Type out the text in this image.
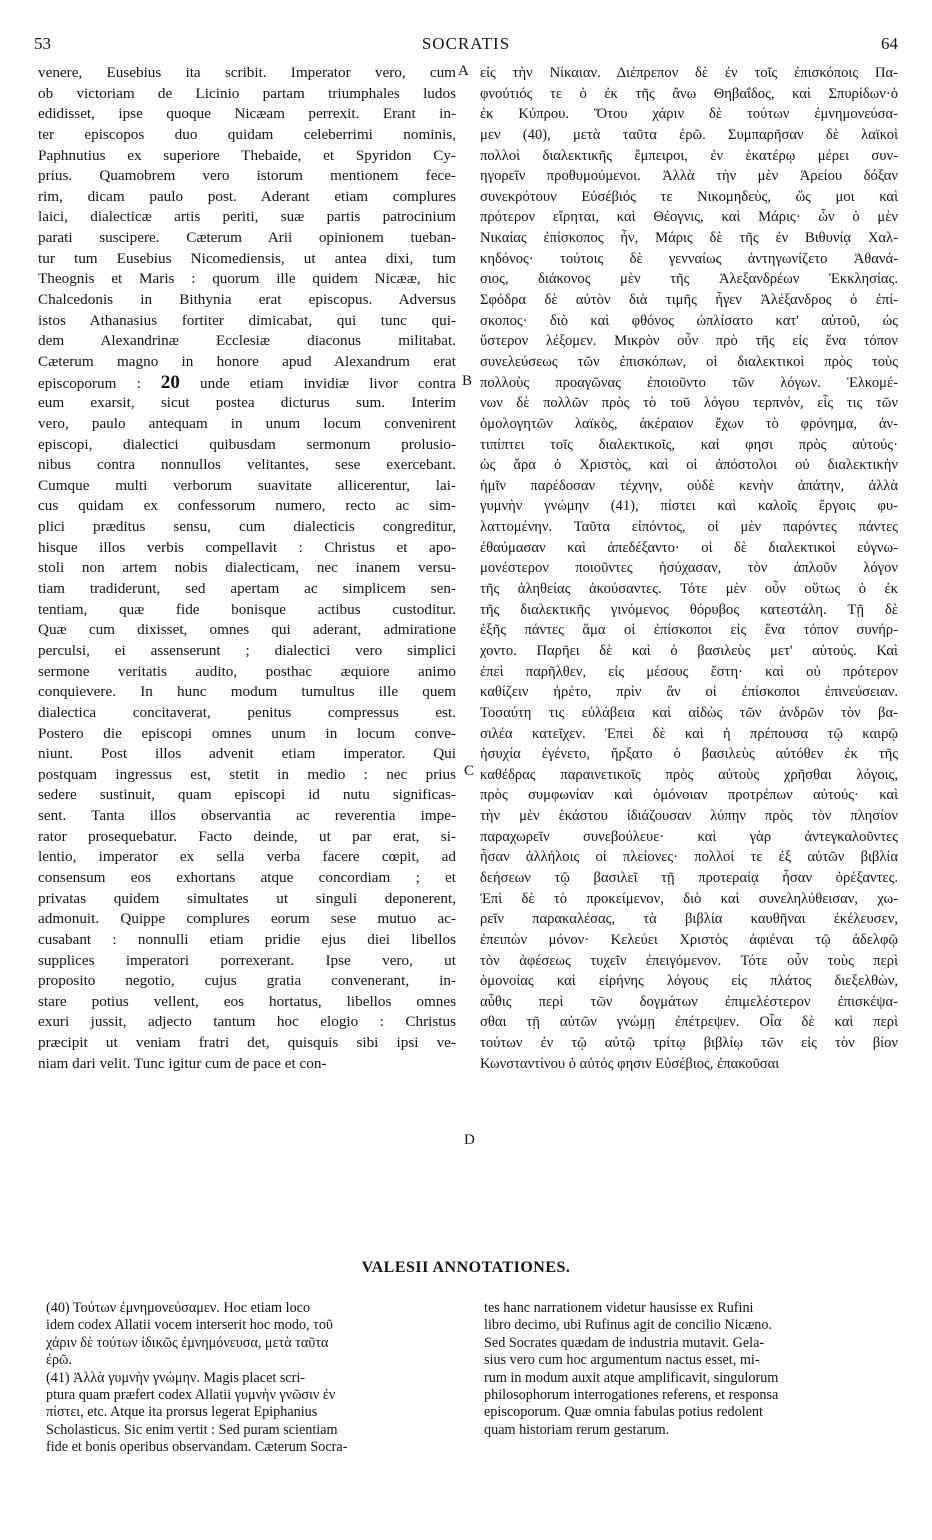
53	SOCRATIS	64
venere, Eusebius ita scribit. Imperator vero, cum
ob victoriam de Licinio partam triumphales ludos
edidisset, ipse quoque Nicæam perrexit. Erant in-
ter episcopos duo quidam celeberrimi nominis,
Paphnutius ex superiore Thebaide, et Spyridon Cy-
prius. Quamobrem vero istorum mentionem fece-
rim, dicam paulo post. Aderant etiam complures
laici, dialecticæ artis periti, suæ partis patrocinium
parati suscipere. Cæterum Arii opinionem tueban-
tur tum Eusebius Nicomediensis, ut antea dixi, tum
Theognis et Maris : quorum ille quidem Nicææ, hic
Chalcedonis in Bithynia erat episcopus. Adversus
istos Athanasius fortiter dimicabat, qui tunc qui-
dem Alexandrinæ Ecclesiæ diaconus militabat.
Cæterum magno in honore apud Alexandrum erat
episcoporum : 20 unde etiam invidiæ livor contra
eum exarsit, sicut postea dicturus sum. Interim
vero, paulo antequam in unum locum convenirent
episcopi, dialectici quibusdam sermonum prolusio-
nibus contra nonnullos velitantes, sese exercebant.
Cumque multi verborum suavitate allicerentur, lai-
cus quidam ex confessorum numero, recto ac sim-
plici præditus sensu, cum dialecticis congreditur,
hisque illos verbis compellavit : Christus et apo-
stoli non artem nobis dialecticam, nec inanem versu-
tiam tradiderunt, sed apertam ac simplicem sen-
tentiam, quæ fide bonisque actibus custoditur.
Quæ cum dixisset, omnes qui aderant, admiratione
perculsi, ei assenserunt ; dialectici vero simplici
sermone veritatis audito, posthac æquiore animo
conquievere. In hunc modum tumultus ille quem
dialectica concitaverat, penitus compressus est.
Postero die episcopi omnes unum in locum conve-
niunt. Post illos advenit etiam imperator. Qui
postquam ingressus est, stetit in medio : nec prius
sedere sustinuit, quam episcopi id nutu significas-
sent. Tanta illos observantia ac reverentia impe-
rator prosequebatur. Facto deinde, ut par erat, si-
lentio, imperator ex sella verba facere cœpit, ad
consensum eos exhortans atque concordiam ; et
privatas quidem simultates ut singuli deponerent,
admonuit. Quippe complures eorum sese mutuo ac-
cusabant : nonnulli etiam pridie ejus diei libellos
supplices imperatori porrexerant. Ipse vero, ut
proposito negotio, cujus gratia convenerant, in-
stare potius vellent, eos hortatus, libellos omnes
exuri jussit, adjecto tantum hoc elogio : Christus
præcipit ut veniam fratri det, quisquis sibi ipsi ve-
niam dari velit. Tunc igitur cum de pace et con-
εἰς τὴν Νίκαιαν. Διέπρεπον δὲ ἐν τοῖς ἐπισκόποις Πα-
φνούτιός τε ὁ ἐκ τῆς ἄνω Θηβαΐδος, καὶ Σπυρίδων·ὁ
ἐκ Κύπρου. Ὅτου χάριν δὲ τούτων ἐμνημονεύσα-
μεν (40), μετὰ ταῦτα ἐρῶ. Συμπαρῆσαν δὲ λαϊκοὶ
πολλοὶ διαλεκτικῆς ἔμπειροι, ἐν ἑκατέρῳ μέρει συν-
ηγορεῖν προθυμούμενοι. Ἀλλὰ τὴν μὲν Ἀρείου δόξαν
συνεκρότουν Εὐσέβιός τε Νικομηδεὺς, ὥς μοι καὶ
πρότερον εἴρηται, καὶ Θέογνις, καὶ Μάρις· ὧν ὁ μὲν
Νικαίας ἐπίσκοπος ἦν, Μάρις δὲ τῆς ἐν Βιθυνίᾳ Χαλ-
κηδόνος· τούτοις δὲ γενναίως ἀντηγωνίζετο Ἀθανά-
σιος, διάκονος μὲν τῆς Ἀλεξανδρέων Ἐκκλησίας.
Σφόδρα δὲ αὐτὸν διὰ τιμῆς ἦγεν Ἀλέξανδρος ὁ ἐπί-
σκοπος· διὸ καὶ φθόνος ὡπλίσατο κατ' αὐτοῦ, ὡς
ὕστερον λέξομεν. Μικρὸν οὖν πρὸ τῆς εἰς ἕνα τόπον
συνελεύσεως τῶν ἐπισκόπων, οἱ διαλεκτικοὶ πρὸς τοὺς
πολλοὺς προαγῶνας ἐποιοῦντο τῶν λόγων. Ἑλκομέ-
νων δὲ πολλῶν πρὸς τὸ τοῦ λόγου τερπνὸν, εἷς τις τῶν
ὁμολογητῶν λαϊκὸς, ἀκέραιον ἔχων τὸ φρόνημα, ἀν-
τιπίπτει τοῖς διαλεκτικοῖς, καί φησι πρὸς αὐτούς·
ὡς ἄρα ὁ Χριστὸς, καὶ οἱ ἀπόστολοι οὐ διαλεκτικὴν
ἡμῖν παρέδοσαν τέχνην, οὐδὲ κενὴν ἀπάτην, ἀλλὰ
γυμνὴν γνώμην (41), πίστει καὶ καλοῖς ἔργοις φυ-
λαττομένην. Ταῦτα εἰπόντος, οἱ μὲν παρόντες πάντες
ἐθαύμασαν καὶ ἀπεδέξαντο· οἱ δὲ διαλεκτικοὶ εὐγνω-
μονέστερον ποιοῦντες ἡσύχασαν, τὸν ἁπλοῦν λόγον
τῆς ἀληθείας ἀκούσαντες. Τότε μὲν οὖν οὕτως ὁ ἐκ
τῆς διαλεκτικῆς γινόμενος θόρυβος κατεστάλη. Τῇ δὲ
ἑξῆς πάντες ἅμα οἱ ἐπίσκοποι εἰς ἕνα τόπον συνήρ-
χοντο. Παρῆει δὲ καὶ ὁ βασιλεὺς μετ' αὐτούς. Καὶ
ἐπεὶ παρῆλθεν, εἰς μέσους ἔστη· καὶ οὐ πρότερον
καθίζειν ἠρέτο, πρὶν ἂν οἱ ἐπίσκοποι ἐπινεύσειαν.
Τοσαύτη τις εὐλάβεια καὶ αἰδὼς τῶν ἀνδρῶν τὸν βα-
σιλέα κατεῖχεν. Ἐπεὶ δὲ καὶ ἡ πρέπουσα τῷ καιρῷ
ἡσυχία ἐγένετο, ἤρξατο ὁ βασιλεὺς αὐτόθεν ἐκ τῆς
καθέδρας παραινετικοῖς πρὸς αὐτοὺς χρῆσθαι λόγοις,
πρὸς συμφωνίαν καὶ ὁμόνοιαν προτρέπων αὐτούς· καὶ
τὴν μὲν ἑκάστου ἰδιάζουσαν λύπην πρὸς τὸν πλησίον
παραχωρεῖν συνεβούλευε· καὶ γὰρ ἀντεγκαλοῦντες
ἦσαν ἀλλήλοις οἱ πλείονες· πολλοί τε ἐξ αὐτῶν βιβλία
δεήσεων τῷ βασιλεῖ τῇ προτεραίᾳ ἦσαν ὀρέξαντες.
Ἐπὶ δὲ τὸ προκείμενον, διὸ καὶ συνεληλύθεισαν, χω-
ρεῖν παρακαλέσας, τὰ βιβλία καυθῆναι ἐκέλευσεν,
ἐπειπὼν μόνον· Κελεύει Χριστὸς ἀφιέναι τῷ ἀδελφῷ
τὸν ἀφέσεως τυχεῖν ἐπειγόμενον. Τότε οὖν τοὺς περὶ
ὁμονοίας καὶ εἰρήνης λόγους εἰς πλάτος διεξελθὼν,
αὖθις περὶ τῶν δογμάτων ἐπιμελέστερον ἐπισκέψα-
σθαι τῇ αὐτῶν γνώμῃ ἐπέτρεψεν. Οἷα δὲ καὶ περὶ
τούτων ἐν τῷ αὐτῷ τρίτῳ βιβλίῳ τῶν εἰς τὸν βίον
Κωνσταντίνου ὁ αὐτός φησιν Εὐσέβιος, ἐπακοῦσαι
A
B
C
D
VALESII ANNOTATIONES.
(40) Τούτων ἐμνημονεύσαμεν. Hoc etiam loco
idem codex Allatii vocem interserit hoc modo, τοῦ
χάριν δὲ τούτων ἰδικῶς ἐμνημόνευσα, μετὰ ταῦτα
ἐρῶ.
(41) Ἀλλὰ γυμνὴν γνώμην. Magis placet scri-
ptura quam præfert codex Allatii γυμνὴν γνῶσιν ἐν
πίστει, etc. Atque ita prorsus legerat Epiphanius
Scholasticus. Sic enim vertit : Sed puram scientiam
fide et bonis operibus observandam. Cæterum Socra-
tes hanc narrationem videtur hausisse ex Rufini
libro decimo, ubi Rufinus agit de concilio Nicæno.
Sed Socrates quædam de industria mutavit. Gela-
sius vero cum hoc argumentum nactus esset, mi-
rum in modum auxit atque amplificavit, singulorum
philosophorum interrogationes referens, et responsa
episcoporum. Quæ omnia fabulas potius redolent
quam historiam rerum gestarum.
